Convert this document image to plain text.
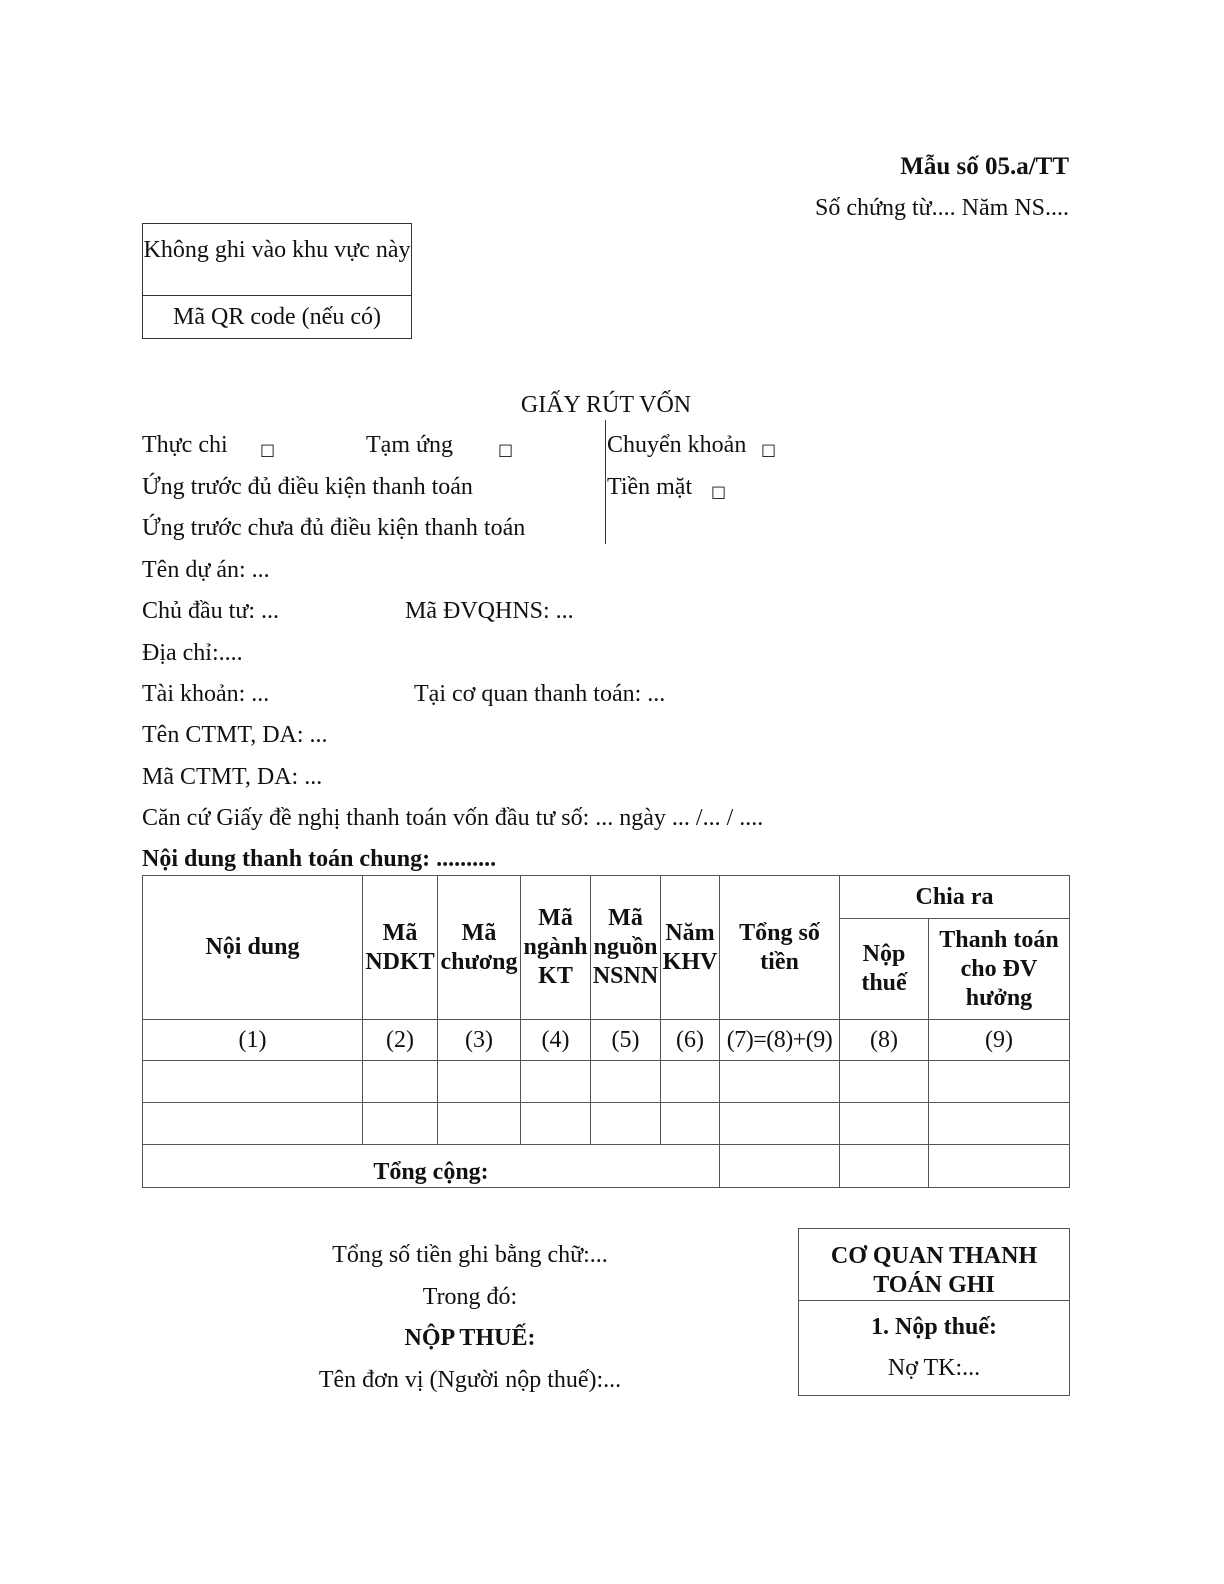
Mẫu số 05.a/TT
Số chứng từ.... Năm NS....
Không ghi vào khu vực này
Mã QR code (nếu có)
GIẤY RÚT VỐN
Thực chi □	Tạm ứng	□	Chuyển khoản □
Ứng trước đủ điều kiện thanh toán	Tiền mặt □
Ứng trước chưa đủ điều kiện thanh toán
Tên dự án: ...
Chủ đầu tư: ...	Mã ĐVQHNS: ...
Địa chỉ:....
Tài khoản: ...	Tại cơ quan thanh toán: ...
Tên CTMT, DA: ...
Mã CTMT, DA: ...
Căn cứ Giấy đề nghị thanh toán vốn đầu tư số: ... ngày ... /... / ....
Nội dung thanh toán chung: ..........
Nội dung	Mã NDKT	Mã chương	Mã ngành KT	Mã nguồn NSNN	Năm KHV	Tổng số tiền	Chia ra	
							Nộp thuế	Thanh toán cho ĐV hưởng
(1)	(2)	(3)	(4)	(5)	(6)	(7)=(8)+(9)	(8)	(9)

Tổng cộng:								
Tổng số tiền ghi bằng chữ:...
Trong đó:
NỘP THUẾ:
Tên đơn vị (Người nộp thuế):...
CƠ QUAN THANH TOÁN GHI
1. Nộp thuế:
Nợ TK:...
